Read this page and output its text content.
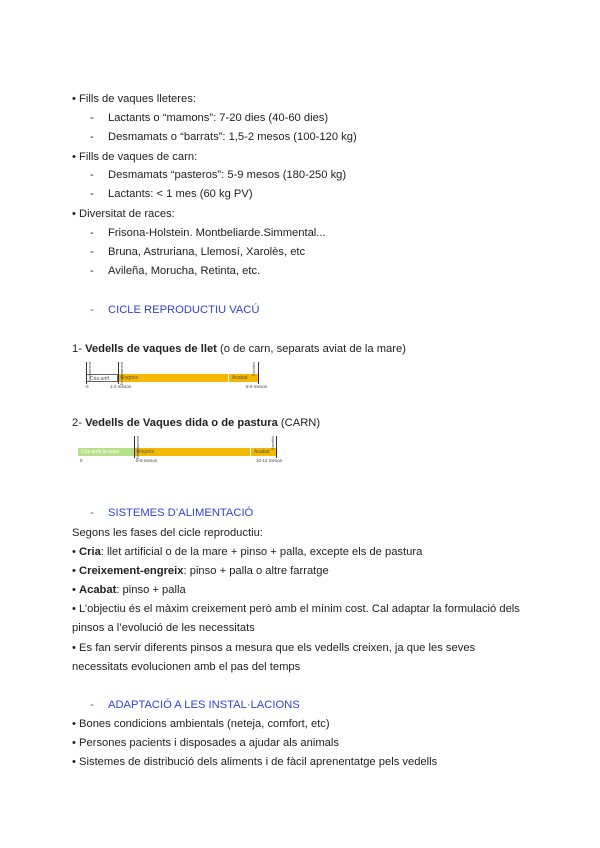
• Fills de vaques lleteres:
- Lactants o “mamons”: 7-20 dies (40-60 dies)
- Desmamats o “barrats”: 1,5-2 mesos (100-120 kg)
• Fills de vaques de carn:
- Desmamats “pasteros”: 5-9 mesos (180-250 kg)
- Lactants: < 1 mes (60 kg PV)
• Diversitat de races:
- Frisona-Holstein. Montbeliarde.Simmental...
- Bruna, Astruriana, Llemosí, Xarolès, etc
- Avileña, Morucha, Retinta, etc.
- CICLE REPRODUCTIU VACÚ
1- Vedells de vaques de llet (o de carn, separats aviat de la mare)
Cria artif.	Engreix	Acabat
Naixement	Deslletament	Sacrifici
0	1-2 mesos	6-9 mesos
2- Vedells de Vaques dida o de pastura (CARN)
Cria amb la mare	Engreix	Acabat
Deslletament	Sacrifici
0	5-9 mesos	10-12 mesos
- SISTEMES D’ALIMENTACIÓ
Segons les fases del cicle reproductiu:
• Cria: llet artificial o de la mare + pinso + palla, excepte els de pastura
• Creixement-engreix: pinso + palla o altre farratge
• Acabat: pinso + palla
• L’objectiu és el màxim creixement però amb el mínim cost. Cal adaptar la formulació dels
pinsos a l’evolució de les necessitats
• Es fan servir diferents pinsos a mesura que els vedells creixen, ja que les seves
necessitats evolucionen amb el pas del temps
- ADAPTACIÓ A LES INSTAL·LACIONS
• Bones condicions ambientals (neteja, comfort, etc)
• Persones pacients i disposades a ajudar als animals
• Sistemes de distribució dels aliments i de fàcil aprenentatge pels vedells
